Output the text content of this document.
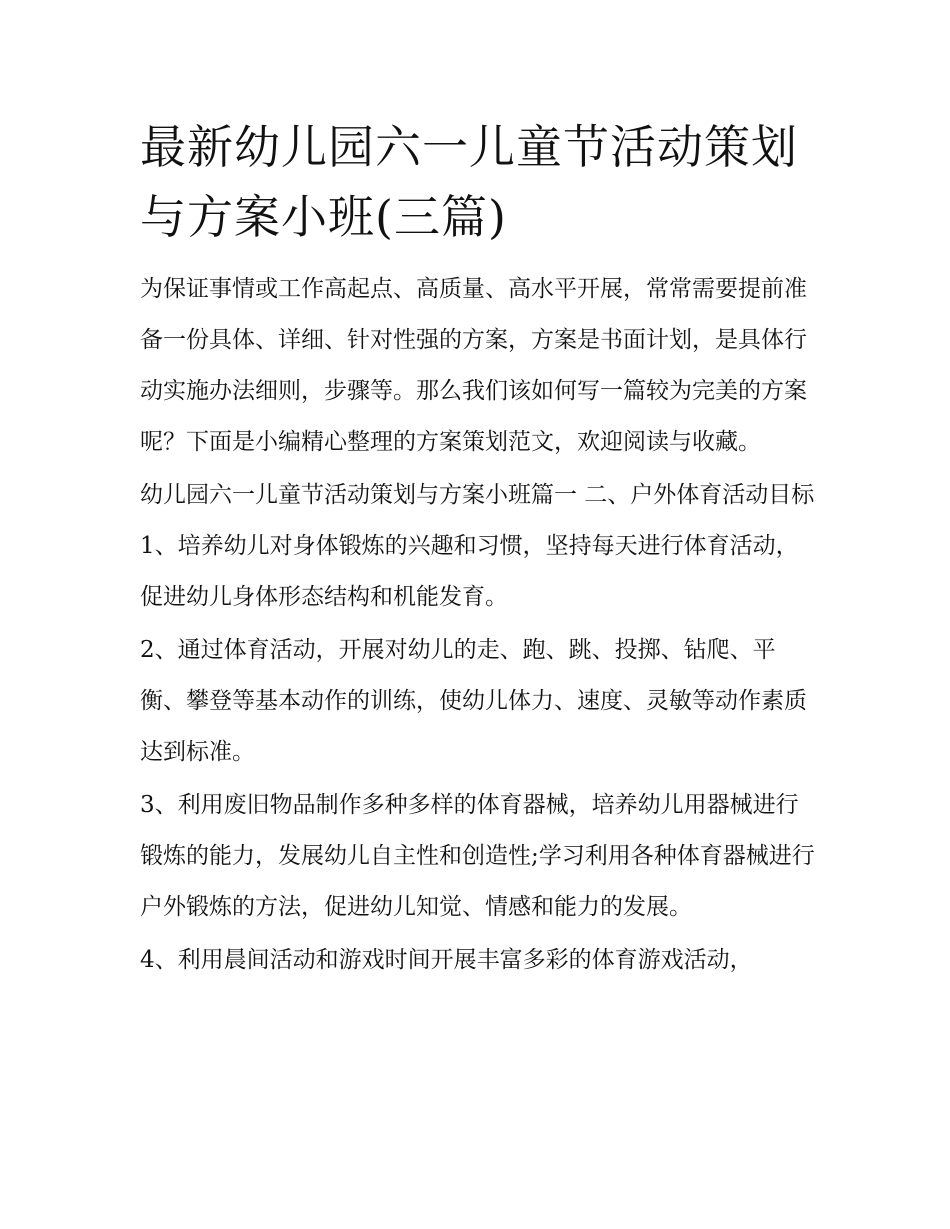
最新幼儿园六一儿童节活动策划与方案小班(三篇)

为保证事情或工作高起点、高质量、高水平开展，常常需要提前准备一份具体、详细、针对性强的方案，方案是书面计划，是具体行动实施办法细则，步骤等。那么我们该如何写一篇较为完美的方案呢？下面是小编精心整理的方案策划范文，欢迎阅读与收藏。

幼儿园六一儿童节活动策划与方案小班篇一 二、户外体育活动目标 1、培养幼儿对身体锻炼的兴趣和习惯，坚持每天进行体育活动，促进幼儿身体形态结构和机能发育。

2、通过体育活动，开展对幼儿的走、跑、跳、投掷、钻爬、平衡、攀登等基本动作的训练，使幼儿体力、速度、灵敏等动作素质达到标准。

3、利用废旧物品制作多种多样的体育器械，培养幼儿用器械进行锻炼的能力，发展幼儿自主性和创造性;学习利用各种体育器械进行户外锻炼的方法，促进幼儿知觉、情感和能力的发展。

4、利用晨间活动和游戏时间开展丰富多彩的体育游戏活动，
